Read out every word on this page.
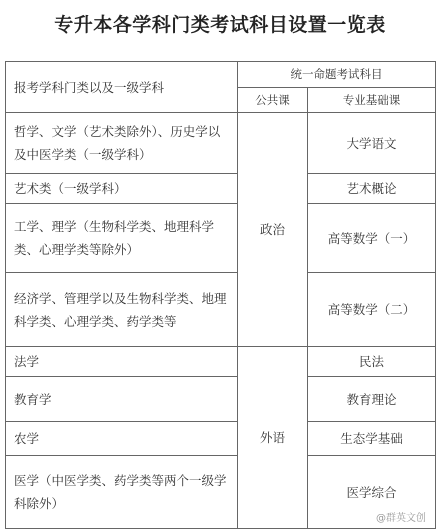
专升本各学科门类考试科目设置一览表
报考学科门类以及一级学科	统一命题考试科目	
	公共课	专业基础课
哲学、文学（艺术类除外）、历史学以及中医学类（一级学科）	政治	大学语文
艺术类（一级学科）		艺术概论
工学、理学（生物科学类、地理科学类、心理学类等除外）		高等数学（一）
经济学、管理学以及生物科学类、地理科学类、心理学类、药学类等		高等数学（二）
法学	外语	民法
教育学		教育理论
农学		生态学基础
医学（中医学类、药学类等两个一级学科除外）		医学综合
@群英文创
